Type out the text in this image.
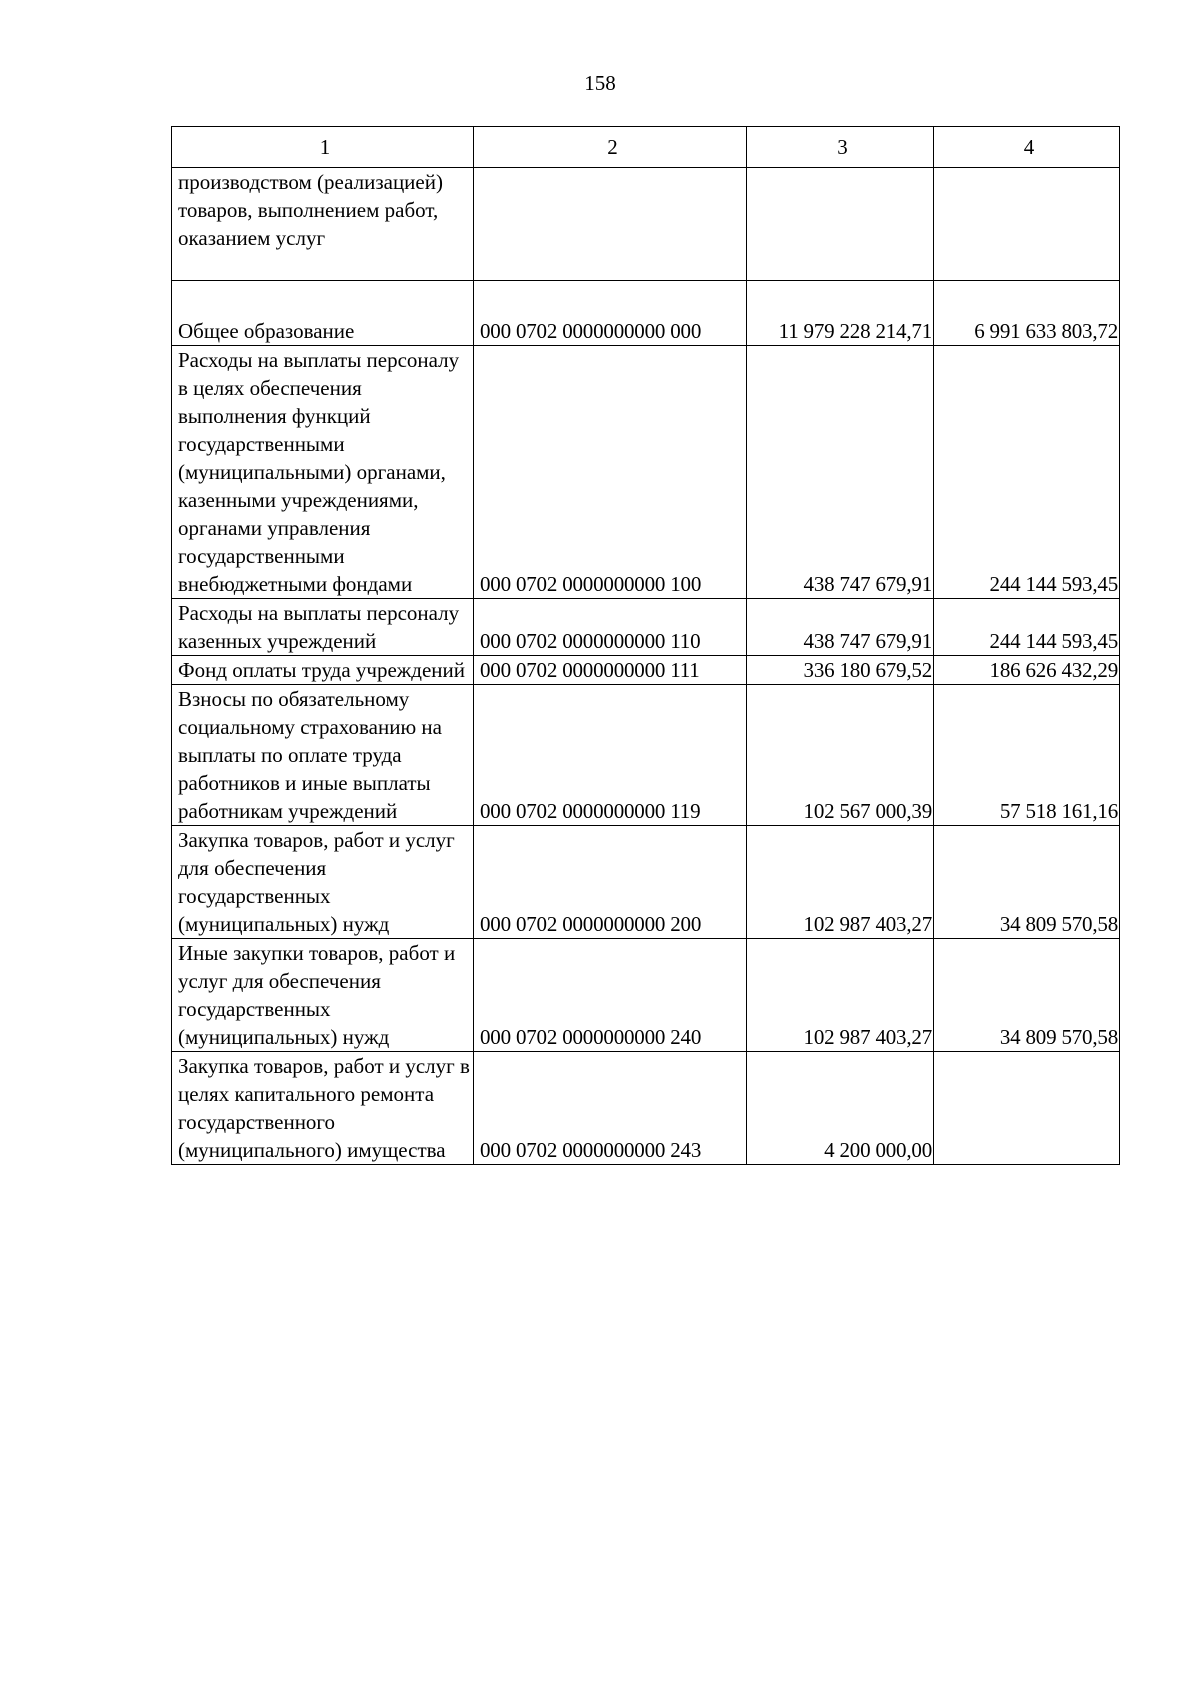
158
1	2	3	4
производством (реализацией) товаров, выполнением работ, оказанием услуг			
Общее образование	000 0702 0000000000 000	11 979 228 214,71	6 991 633 803,72
Расходы на выплаты персоналу в целях обеспечения выполнения функций государственными (муниципальными) органами, казенными учреждениями, органами управления государственными внебюджетными фондами	000 0702 0000000000 100	438 747 679,91	244 144 593,45
Расходы на выплаты персоналу казенных учреждений	000 0702 0000000000 110	438 747 679,91	244 144 593,45
Фонд оплаты труда учреждений	000 0702 0000000000 111	336 180 679,52	186 626 432,29
Взносы по обязательному социальному страхованию на выплаты по оплате труда работников и иные выплаты работникам учреждений	000 0702 0000000000 119	102 567 000,39	57 518 161,16
Закупка товаров, работ и услуг для обеспечения государственных (муниципальных) нужд	000 0702 0000000000 200	102 987 403,27	34 809 570,58
Иные закупки товаров, работ и услуг для обеспечения государственных (муниципальных) нужд	000 0702 0000000000 240	102 987 403,27	34 809 570,58
Закупка товаров, работ и услуг в целях капитального ремонта государственного (муниципального) имущества	000 0702 0000000000 243	4 200 000,00	
